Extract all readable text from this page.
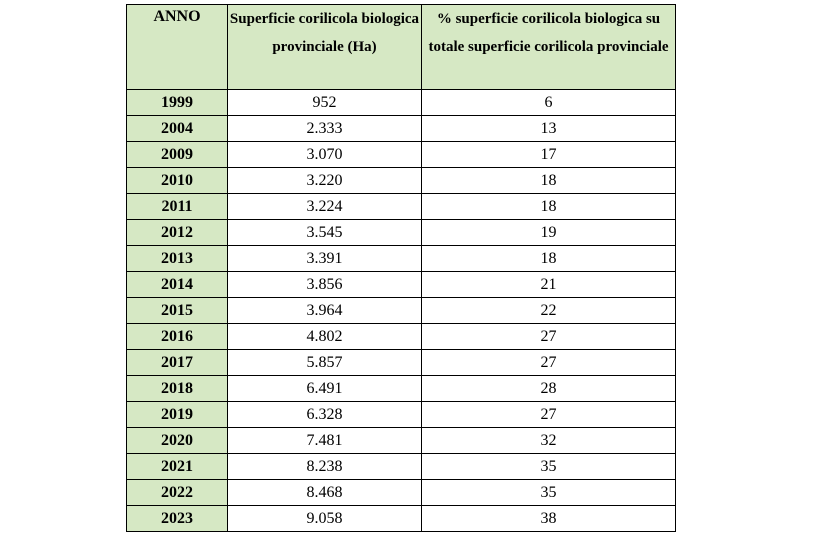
ANNO	Superficie corilicola biologica provinciale (Ha)	% superficie corilicola biologica su totale superficie corilicola provinciale
1999	952	6
2004	2.333	13
2009	3.070	17
2010	3.220	18
2011	3.224	18
2012	3.545	19
2013	3.391	18
2014	3.856	21
2015	3.964	22
2016	4.802	27
2017	5.857	27
2018	6.491	28
2019	6.328	27
2020	7.481	32
2021	8.238	35
2022	8.468	35
2023	9.058	38
